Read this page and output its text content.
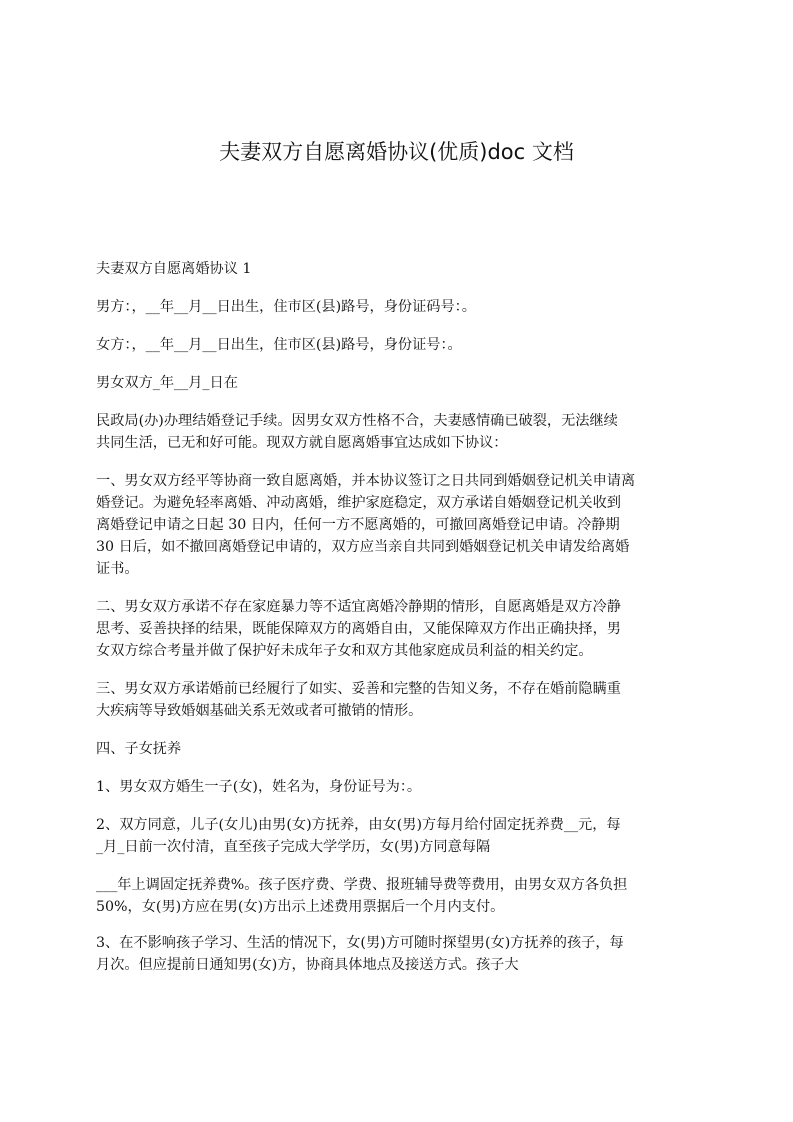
夫妻双方自愿离婚协议(优质)doc 文档

夫妻双方自愿离婚协议 1

男方：，__年__月__日出生，住市区(县)路号，身份证码号：。

女方：，__年__月__日出生，住市区(县)路号，身份证号：。

男女双方_年__月_日在

民政局(办)办理结婚登记手续。因男女双方性格不合，夫妻感情确已破裂，无法继续
共同生活，已无和好可能。现双方就自愿离婚事宜达成如下协议：

一、男女双方经平等协商一致自愿离婚，并本协议签订之日共同到婚姻登记机关申请离
婚登记。为避免轻率离婚、冲动离婚，维护家庭稳定，双方承诺自婚姻登记机关收到
离婚登记申请之日起 30 日内，任何一方不愿离婚的，可撤回离婚登记申请。冷静期
30 日后，如不撤回离婚登记申请的，双方应当亲自共同到婚姻登记机关申请发给离婚
证书。

二、男女双方承诺不存在家庭暴力等不适宜离婚冷静期的情形，自愿离婚是双方冷静
思考、妥善抉择的结果，既能保障双方的离婚自由，又能保障双方作出正确抉择，男
女双方综合考量并做了保护好未成年子女和双方其他家庭成员利益的相关约定。

三、男女双方承诺婚前已经履行了如实、妥善和完整的告知义务，不存在婚前隐瞒重
大疾病等导致婚姻基础关系无效或者可撤销的情形。

四、子女抚养

1、男女双方婚生一子(女)，姓名为，身份证号为：。

2、双方同意，儿子(女儿)由男(女)方抚养，由女(男)方每月给付固定抚养费__元，每
_月_日前一次付清，直至孩子完成大学学历，女(男)方同意每隔

___年上调固定抚养费%。孩子医疗费、学费、报班辅导费等费用，由男女双方各负担
50%，女(男)方应在男(女)方出示上述费用票据后一个月内支付。

3、在不影响孩子学习、生活的情况下，女(男)方可随时探望男(女)方抚养的孩子，每
月次。但应提前日通知男(女)方，协商具体地点及接送方式。孩子大
